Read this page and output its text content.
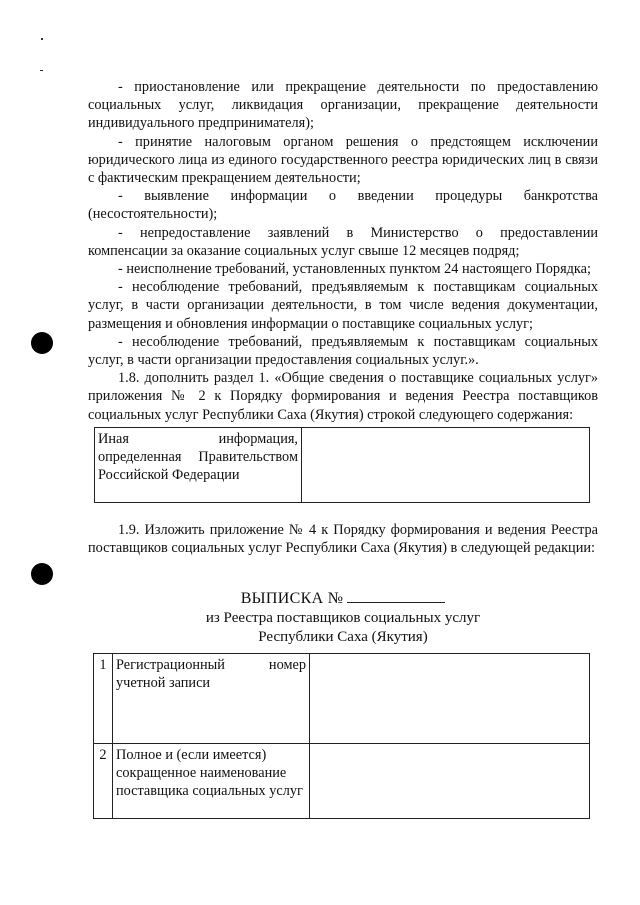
- приостановление или прекращение деятельности по предоставлению социальных услуг, ликвидация организации, прекращение деятельности индивидуального предпринимателя);

- принятие налоговым органом решения о предстоящем исключении юридического лица из единого государственного реестра юридических лиц в связи с фактическим прекращением деятельности;

- выявление информации о введении процедуры банкротства (несостоятельности);

- непредоставление заявлений в Министерство о предоставлении компенсации за оказание социальных услуг свыше 12 месяцев подряд;

- неисполнение требований, установленных пунктом 24 настоящего Порядка;

- несоблюдение требований, предъявляемым к поставщикам социальных услуг, в части организации деятельности, в том числе ведения документации, размещения и обновления информации о поставщике социальных услуг;

- несоблюдение требований, предъявляемым к поставщикам социальных услуг, в части организации предоставления социальных услуг.».

1.8. дополнить раздел 1. «Общие сведения о поставщике социальных услуг» приложения № 2 к Порядку формирования и ведения Реестра поставщиков социальных услуг Республики Саха (Якутия) строкой следующего содержания:

Иная информация, определенная Правительством Российской Федерации	

1.9. Изложить приложение № 4 к Порядку формирования и ведения Реестра поставщиков социальных услуг Республики Саха (Якутия) в следующей редакции:

ВЫПИСКА №
из Реестра поставщиков социальных услуг
Республики Саха (Якутия)
1	Регистрационный номер учетной записи	
2	Полное и (если имеется) сокращенное наименование поставщика социальных услуг	
